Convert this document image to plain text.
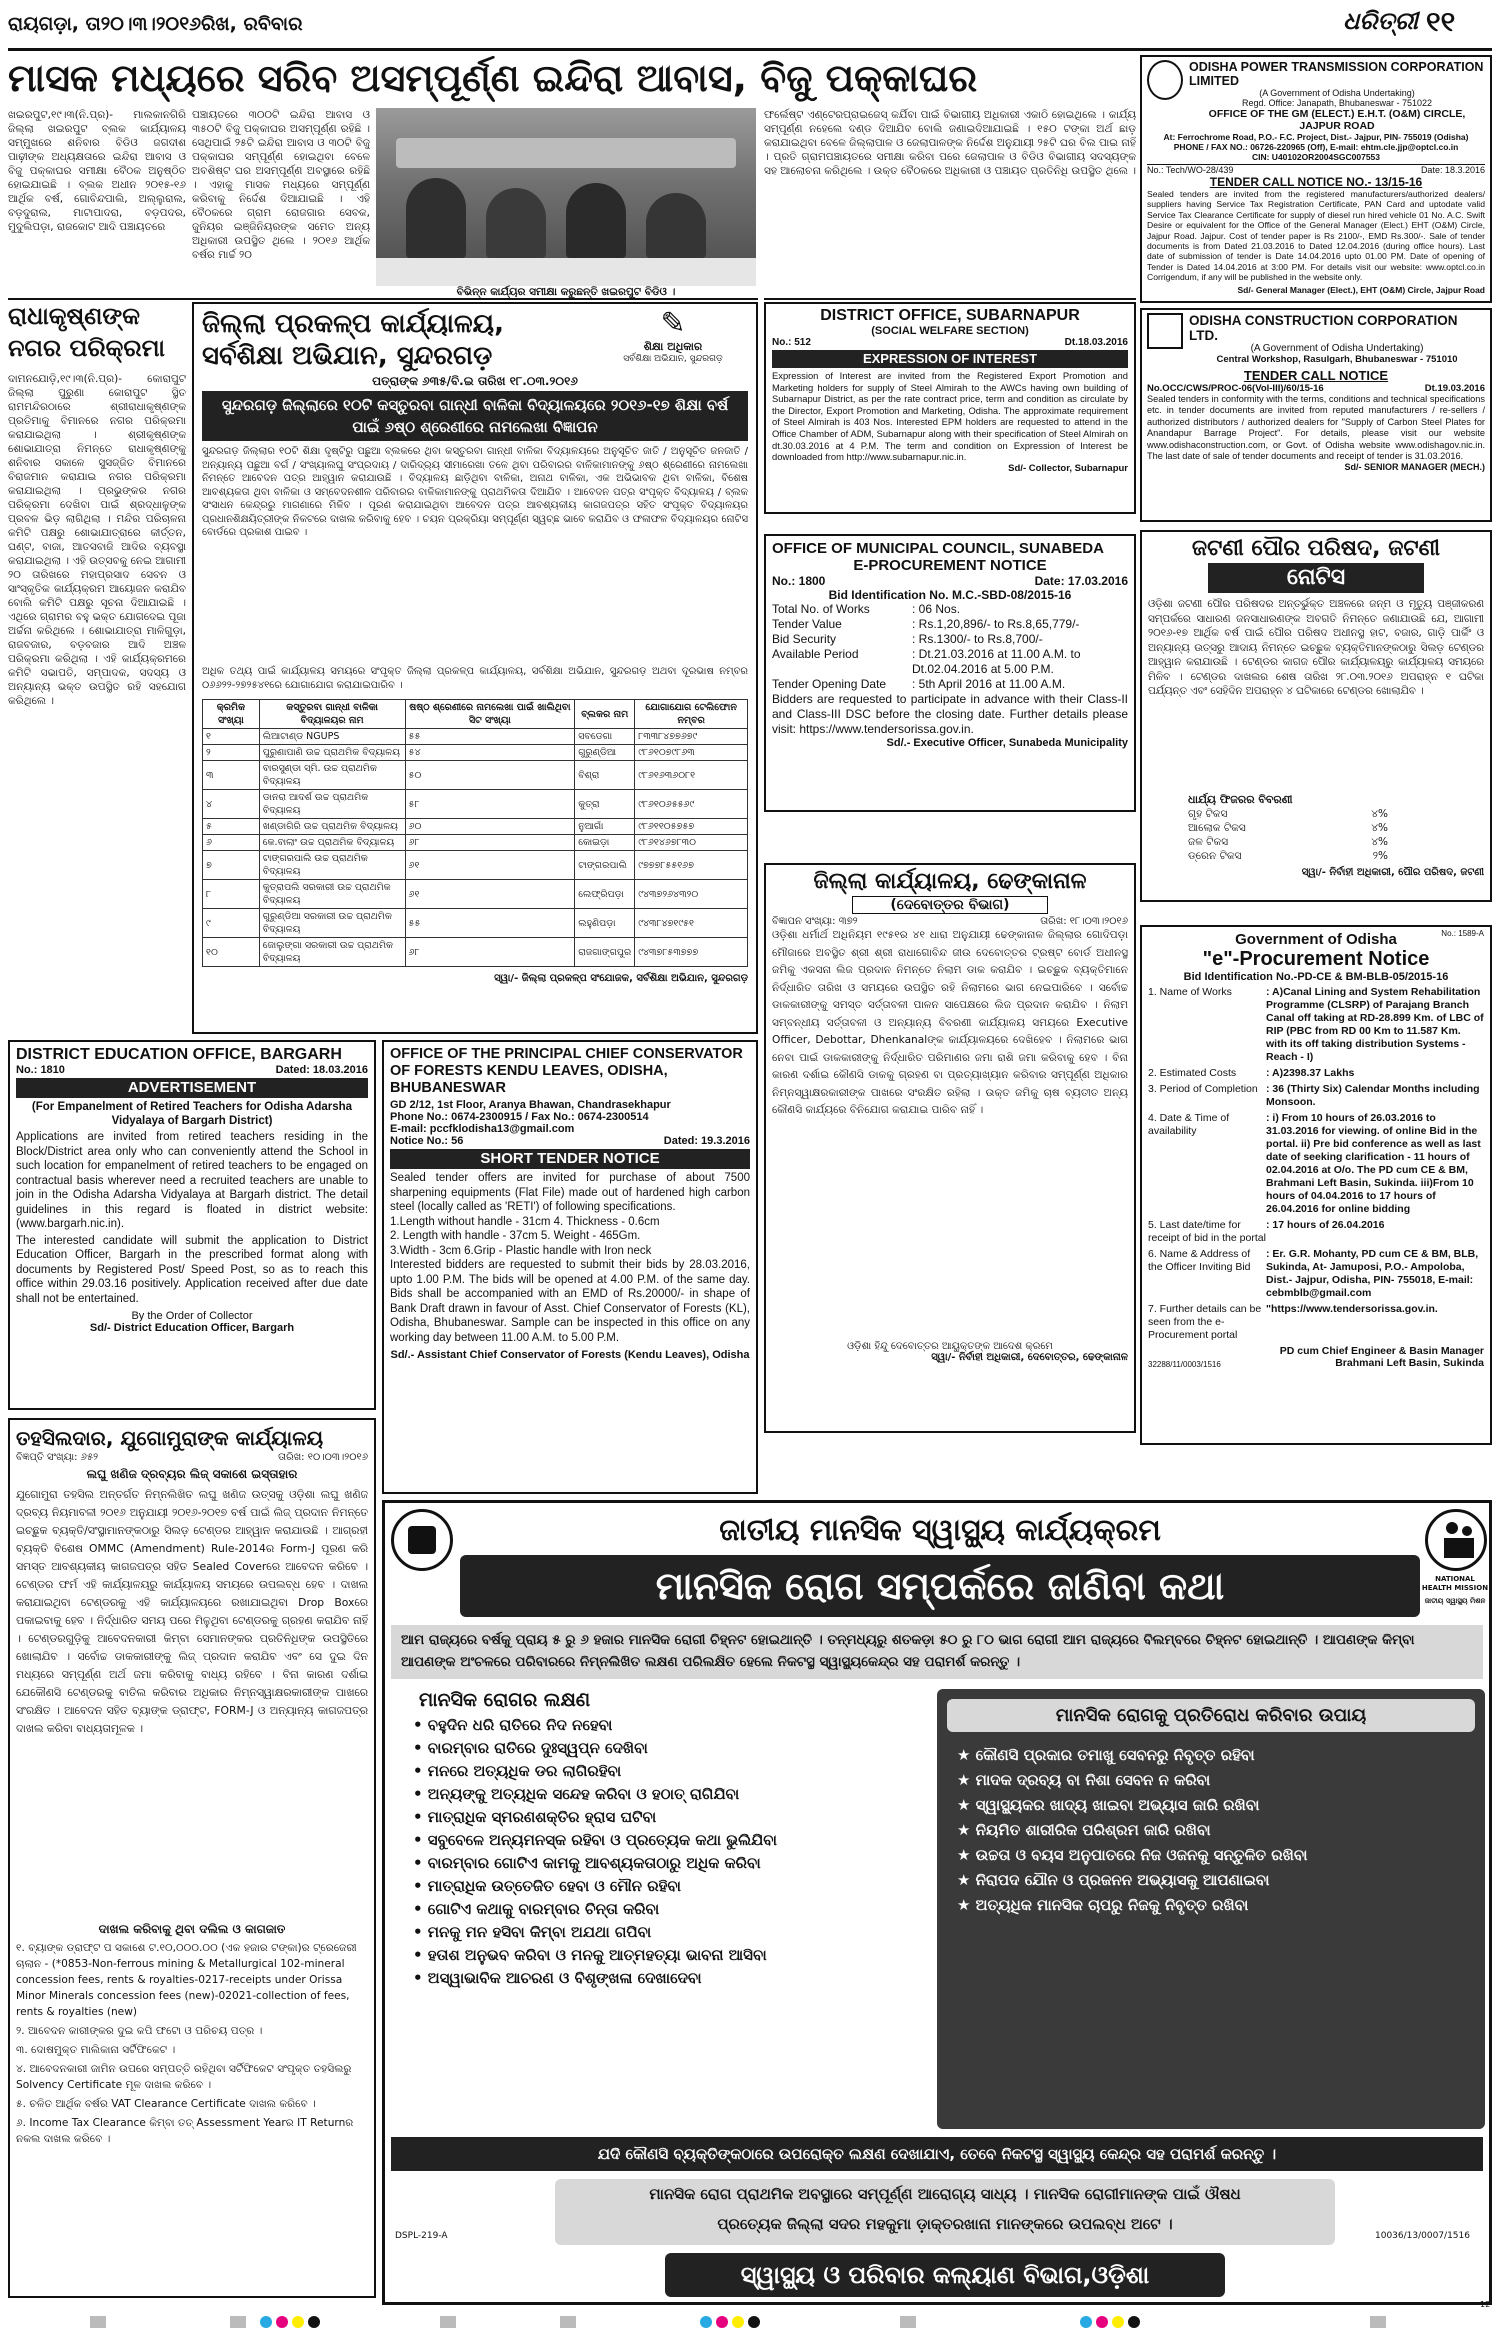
ରାୟଗଡ଼ା, ତା୨୦।୩।୨୦୧୬ରିଖ, ରବିବାର	ଧରିତ୍ରୀ ୧୧
ମାସକ ମଧ୍ୟରେ ସରିବ ଅସମ୍ପୂର୍ଣ୍ଣ ଇନ୍ଦିରା ଆବାସ, ବିଜୁ ପକ୍କାଘର
ଖଇରପୁଟ,୧୯।୩(ନି.ପ୍ର)- ମାଲକାନଗିରି ଜିଲ୍ଲା ଖଇରପୁଟ ବ୍ଲକ କାର୍ଯ୍ୟାଳୟ ସମ୍ମୁଖରେ ଶନିବାର ବିଡିଓ ଜଗଦୀଶ ପାଢ଼ୀଙ୍କ ଅଧ୍ୟକ୍ଷତାରେ ଇନ୍ଦିରା ଆବାସ ଓ ବିଜୁ ପକ୍କାଘର ସମୀକ୍ଷା ବୈଠକ ଅନୁଷ୍ଠିତ ହୋଇଯାଇଛି । ବ୍ଲକ ଅଧୀନ ୨୦୧୫-୧୬ ଆର୍ଥିକ ବର୍ଷ, ଗୋବିନ୍ଦପାଲି, ଅଲ୍ଲୁରାଲ, ବଡ଼ଦୁରାଲ, ମାଟାପାଦରା, ବଡ଼ପଦର, ମୁଦୁଲିପଡ଼ା, ରାଜକୋଟ ଆଦି ପଞ୍ଚାୟତରେ
ପଞ୍ଚାୟତରେ ୩୦୦ଟି ଇନ୍ଦିରା ଆବାସ ଓ ୩୫୦ଟି ବିଜୁ ପକ୍କାଘର ଅସମ୍ପୂର୍ଣ୍ଣ ରହିଛି । ସେଥିପାଇଁ ୨୫ଟି ଇନ୍ଦିରା ଆବାସ ଓ ୩୦ଟି ବିଜୁ ପକ୍କାଘର ସମ୍ପୂର୍ଣ୍ଣ ହୋଇଥିବା ବେଳେ ଅବଶିଷ୍ଟ ଘର ଅସମ୍ପୂର୍ଣ୍ଣ ଅବସ୍ଥାରେ ରହିଛି । ଏହାକୁ ମାସକ ମଧ୍ୟରେ ସମ୍ପୂର୍ଣ୍ଣ କରିବାକୁ ନିର୍ଦ୍ଦେଶ ଦିଆଯାଇଛି । ଏହି ବୈଠକରେ ଗ୍ରାମ ରୋଜଗାର ସେବକ, ଜୁନିୟର ଇଞ୍ଜିନିୟରଙ୍କ ସମେତ ଅନ୍ୟ ଅଧିକାରୀ ଉପସ୍ଥିତ ଥିଲେ । ୨୦୧୬ ଆର୍ଥିକ ବର୍ଷର ମାର୍ଚ୍ଚ ୨୦
ବିଭିନ୍ନ କାର୍ଯ୍ୟର ସମୀକ୍ଷା କରୁଛନ୍ତି ଖଇରପୁଟ ବିଡିଓ ।
ଫର୍ଲେଷ୍ଟ ଏଣ୍ଟେରପ୍ରାଇଜେସ୍ କର୍ଯିବା ପାଇଁ ବିଭାଗୀୟ ଅଧିକାରୀ ଏକାଠି ହୋଇଥିଲେ । କାର୍ଯ୍ୟ ସମ୍ପୂର୍ଣ୍ଣ ନହେଲେ ଦଣ୍ଡ ଦିଆଯିବ ବୋଲି ଜଣାଇଦିଆଯାଇଛି । ୧୫୦ ଟଙ୍କା ଅର୍ଥ ଛାଡ଼ କରାଯାଇଥିବା ବେଳେ ଜିଲ୍ଲାପାଳ ଓ ଜେଲାପାଳଙ୍କ ନିର୍ଦ୍ଦେଶ ଅନୁଯାୟୀ ୨୫ଟି ଘର ବିଲ ପାଇ ନାହିଁ । ପ୍ରତି ଗ୍ରାମପଞ୍ଚାୟତରେ ସମୀକ୍ଷା କରିବା ପରେ ଜେଲାପାଳ ଓ ବିଡିଓ ବିଭାଗୀୟ ସଦସ୍ୟଙ୍କ ସହ ଆଲୋଚନା କରିଥିଲେ । ଉକ୍ତ ବୈଠକରେ ଅଧିକାରୀ ଓ ପଞ୍ଚାୟତ ପ୍ରତିନିଧି ଉପସ୍ଥିତ ଥିଲେ ।
ODISHA POWER TRANSMISSION CORPORATION LIMITED
(A Government of Odisha Undertaking)
Regd. Office: Janapath, Bhubaneswar - 751022
OFFICE OF THE GM (ELECT.) E.H.T. (O&M) CIRCLE, JAJPUR ROAD
At: Ferrochrome Road, P.O.- F.C. Project, Dist.- Jajpur, PIN- 755019 (Odisha)
PHONE / FAX NO.: 06726-220965 (Off), E-mail: ehtm.cle.jjp@optcl.co.in
CIN: U40102OR2004SGC007553
No.: Tech/WO-28/439	Date: 18.3.2016
TENDER CALL NOTICE NO.- 13/15-16
Sealed tenders are invited from the registered manufacturers/authorized dealers/ suppliers having Service Tax Registration Certificate, PAN Card and uptodate valid Service Tax Clearance Certificate for supply of diesel run hired vehicle 01 No. A.C. Swift Desire or equivalent for the Office of the General Manager (Elect.) EHT (O&M) Circle, Jajpur Road. Jajpur. Cost of tender paper is Rs 2100/-, EMD Rs.300/-. Sale of tender documents is from Dated 21.03.2016 to Dated 12.04.2016 (during office hours). Last date of submission of tender is Date 14.04.2016 upto 01.00 PM. Date of opening of Tender is Dated 14.04.2016 at 3:00 PM. For details visit our website: www.optcl.co.in Corrigendum, if any will be published in the website only.
Sd/- General Manager (Elect.), EHT (O&M) Circle, Jajpur Road
ରାଧାକୃଷ୍ଣଙ୍କ ନଗର ପରିକ୍ରମା
ଦାମନଯୋଡ଼ି,୧୯।୩(ନି.ପ୍ର)- କୋରାପୁଟ ଜିଲ୍ଲା ପୁରୁଣା କୋରାପୁଟ ସ୍ଥିତ ରାମମନ୍ଦିରଠାରେ ଶ୍ରୀରାଧାକୃଷ୍ଣଙ୍କ ପ୍ରତିମାକୁ ବିମାନରେ ନଗର ପରିକ୍ରମା କରାଯାଇଥିଲା । ଶ୍ରୀକୃଷ୍ଣଙ୍କ ଶୋଭାଯାତ୍ରା ନିମନ୍ତେ ରାଧାକୃଷ୍ଣଙ୍କୁ ଶନିବାର ସକାଳେ ସୁସଜ୍ଜିତ ବିମାନରେ ବିରାଜମାନ କରାଯାଇ ନଗର ପରିକ୍ରମା କରାଯାଇଥିଲା । ପ୍ରଭୁଙ୍କର ନଗର ପରିକ୍ରମା ଦେଖିବା ପାଇଁ ଶ୍ରଦ୍ଧାଳୁଙ୍କ ପ୍ରବଳ ଭିଡ଼ ଲାଗିଥିଲା । ମନ୍ଦିର ପରିଚାଳନା କମିଟି ପକ୍ଷରୁ ଶୋଭାଯାତ୍ରାରେ କୀର୍ତ୍ତନ, ଘଣ୍ଟ, ବାଜା, ଆତସବାଜି ଆଦିର ବ୍ୟବସ୍ଥା କରାଯାଇଥିଲା । ଏହି ଉତ୍ସବକୁ ନେଇ ଆଗାମୀ ୨୦ ତାରିଖରେ ମହାପ୍ରସାଦ ସେବନ ଓ ସାଂସ୍କୃତିକ କାର୍ଯ୍ୟକ୍ରମ ଆୟୋଜନ କରାଯିବ ବୋଲି କମିଟି ପକ୍ଷରୁ ସୂଚନା ଦିଆଯାଇଛି । ଏଥିରେ ଗ୍ରାମର ବହୁ ଭକ୍ତ ଯୋଗଦେଇ ପୂଜା ଅର୍ଚ୍ଚନା କରିଥିଲେ । ଶୋଭାଯାତ୍ରା ମାଳିଗୁଡ଼ା, ରାଜବଜାର, ବଡ଼ବଜାର ଆଦି ଅଞ୍ଚଳ ପରିକ୍ରମା କରିଥିଲା । ଏହି କାର୍ଯ୍ୟକ୍ରମରେ କମିଟି ସଭାପତି, ସମ୍ପାଦକ, ସଦସ୍ୟ ଓ ଅନ୍ୟାନ୍ୟ ଭକ୍ତ ଉପସ୍ଥିତ ରହି ସହଯୋଗ କରିଥିଲେ ।
ଜିଲ୍ଲା ପ୍ରକଳ୍ପ କାର୍ଯ୍ୟାଳୟ,
ସର୍ବଶିକ୍ଷା ଅଭିଯାନ, ସୁନ୍ଦରଗଡ଼
✎
ଶିକ୍ଷା ଅଧିକାର
ସର୍ବଶିକ୍ଷା ଅଭିଯାନ, ସୁନ୍ଦରଗଡ଼
ପତ୍ରାଙ୍କ ୬୩୫/ବି.ଇ ତାରିଖ ୧୮.୦୩.୨୦୧୬
ସୁନ୍ଦରଗଡ଼ ଜିଲ୍ଲାରେ ୧୦ଟି କସ୍ତୁରବା ଗାନ୍ଧୀ ବାଳିକା ବିଦ୍ୟାଳୟରେ ୨୦୧୬-୧୭ ଶିକ୍ଷା ବର୍ଷ ପାଇଁ ୬ଷ୍ଠ ଶ୍ରେଣୀରେ ନାମଲେଖା ବିଜ୍ଞାପନ
ସୁନ୍ଦରଗଡ଼ ଜିଲ୍ଲାର ୧୦ଟି ଶିକ୍ଷା ଦୃଷ୍ଟିରୁ ପଛୁଆ ବ୍ଲକରେ ଥିବା କସ୍ତୁରବା ଗାନ୍ଧୀ ବାଳିକା ବିଦ୍ୟାଳୟରେ ଅନୁସୂଚିତ ଜାତି / ଅନୁସୂଚିତ ଜନଜାତି / ଅନ୍ୟାନ୍ୟ ପଛୁଆ ବର୍ଗ / ସଂଖ୍ୟାଲଘୁ ସଂପ୍ରଦାୟ / ଦାରିଦ୍ର୍ୟ ସୀମାରେଖା ତଳେ ଥିବା ପରିବାରର ବାଳିକାମାନଙ୍କୁ ୬ଷ୍ଠ ଶ୍ରେଣୀରେ ନାମଲେଖା ନିମନ୍ତେ ଆବେଦନ ପତ୍ର ଆହ୍ୱାନ କରାଯାଉଛି । ବିଦ୍ୟାଳୟ ଛାଡ଼ିଥିବା ବାଳିକା, ଅନାଥ ବାଳିକା, ଏକ ଅଭିଭାବକ ଥିବା ବାଳିକା, ବିଶେଷ ଆବଶ୍ୟକତା ଥିବା ବାଳିକା ଓ ସମ୍ବେଦନଶୀଳ ପରିବାରର ବାଳିକାମାନଙ୍କୁ ପ୍ରାଥମିକତା ଦିଆଯିବ । ଆବେଦନ ପତ୍ର ସଂପୃକ୍ତ ବିଦ୍ୟାଳୟ / ବ୍ଲକ ସଂସାଧନ କେନ୍ଦ୍ରରୁ ମାଗଣାରେ ମିଳିବ । ପୂରଣ କରାଯାଇଥିବା ଆବେଦନ ପତ୍ର ଆବଶ୍ୟକୀୟ କାଗଜପତ୍ର ସହିତ ସଂପୃକ୍ତ ବିଦ୍ୟାଳୟର ପ୍ରଧାନଶିକ୍ଷୟିତ୍ରୀଙ୍କ ନିକଟରେ ଦାଖଲ କରିବାକୁ ହେବ । ଚୟନ ପ୍ରକ୍ରିୟା ସମ୍ପୂର୍ଣ୍ଣ ସ୍ୱଚ୍ଛ ଭାବେ କରାଯିବ ଓ ଫଳାଫଳ ବିଦ୍ୟାଳୟର ନୋଟିସ ବୋର୍ଡରେ ପ୍ରକାଶ ପାଇବ ।
ଅଧିକ ତଥ୍ୟ ପାଇଁ କାର୍ଯ୍ୟାଳୟ ସମୟରେ ସଂପୃକ୍ତ ଜିଲ୍ଲା ପ୍ରକଳ୍ପ କାର୍ଯ୍ୟାଳୟ, ସର୍ବଶିକ୍ଷା ଅଭିଯାନ, ସୁନ୍ଦରଗଡ଼ ଅଥବା ଦୂରଭାଷ ନମ୍ବର ୦୬୬୨୨-୨୭୨୫୪୧ରେ ଯୋଗାଯୋଗ କରାଯାଇପାରିବ ।
କ୍ରମିକ ସଂଖ୍ୟା	କସ୍ତୁରବା ଗାନ୍ଧୀ ବାଳିକା ବିଦ୍ୟାଳୟର ନାମ	ଷଷ୍ଠ ଶ୍ରେଣୀରେ ନାମଲେଖା ପାଇଁ ଖାଲିଥିବା ସିଟ ସଂଖ୍ୟା	ବ୍ଲକର ନାମ	ଯୋଗାଯୋଗ ଟେଲିଫୋନ ନମ୍ବର
୧	ଲିଆଟାଣ୍ଡ NGUPS	୫୫	ସବଡେଗା	୮୩୩୮୪୭୭୬୭୯
୨	ପୁରୁଣାପାଣି ଉଚ୍ଚ ପ୍ରାଥମିକ ବିଦ୍ୟାଳୟ	୫୪	ଗୁରୁଣ୍ଡିଆ	୯୮୬୧୦୭୯୮୬୩
୩	ବାରସୁଣ୍ଡା ସ୍ମି. ଉଚ୍ଚ ପ୍ରାଥମିକ ବିଦ୍ୟାଳୟ	୫୦	ବିଶ୍ରା	୯୮୬୧୬୩୬୦୮୧
୪	ଡାନରା ଆଦର୍ଶ ଉଚ୍ଚ ପ୍ରାଥମିକ ବିଦ୍ୟାଳୟ	୫୮	କୁତ୍ରା	୯୮୬୧୦୬୫୫୬୯
୫	ଖଣ୍ଡାଗିରି ଉଚ୍ଚ ପ୍ରାଥମିକ ବିଦ୍ୟାଳୟ	୬୦	ନୁଆଗାଁ	୯୮୬୧୧୦୫୭୫୭
୬	କେ.ବାଲାଂ ଉଚ୍ଚ ପ୍ରାଥମିକ ବିଦ୍ୟାଳୟ	୬୮	କୋଇଡ଼ା	୯୮୬୧୪୬୭୮୩୦
୭	ଟାଙ୍ଗରପାଲି ଉଚ୍ଚ ପ୍ରାଥମିକ ବିଦ୍ୟାଳୟ	୬୧	ଟାଙ୍ଗରପାଲି	୯୭୭୭୮୫୫୧୬୭
୮	କୁତ୍ରାପଲି ସରକାରୀ ଉଚ୍ଚ ପ୍ରାଥମିକ ବିଦ୍ୟାଳୟ	୬୧	ଲେଫ୍ରିପଡ଼ା	୯୪୩୭୨୬୪୩୨୦
୯	ଗୁରୁଣ୍ଡିଆ ସରକାରୀ ଉଚ୍ଚ ପ୍ରାଥମିକ ବିଦ୍ୟାଳୟ	୫୫	ଲହୁଣିପଡ଼ା	୯୪୩୮୪୭୧୯୫୧
୧୦	ଜୋଲୁଙ୍ଗା ସରକାରୀ ଉଚ୍ଚ ପ୍ରାଥମିକ ବିଦ୍ୟାଳୟ	୬୮	ରାଜଗାଙ୍ଗପୁର	୯୪୩୭୮୫୩୭୭୭
ସ୍ୱା/- ଜିଲ୍ଲା ପ୍ରକଳ୍ପ ସଂଯୋଜକ, ସର୍ବଶିକ୍ଷା ଅଭିଯାନ, ସୁନ୍ଦରଗଡ଼
DISTRICT OFFICE, SUBARNAPUR
(SOCIAL WELFARE SECTION)
No.: 512	Dt.18.03.2016
EXPRESSION OF INTEREST
Expression of Interest are invited from the Registered Export Promotion and Marketing holders for supply of Steel Almirah to the AWCs having own building of Subarnapur District, as per the rate contract price, term and condition as circulate by the Director, Export Promotion and Marketing, Odisha. The approximate requirement of Steel Almirah is 403 Nos. Interested EPM holders are requested to attend in the Office Chamber of ADM, Subarnapur along with their specification of Steel Almirah on dt.30.03.2016 at 4 P.M. The term and condition on Expression of Interest be downloaded from http://www.subarnapur.nic.in.
Sd/- Collector, Subarnapur
ODISHA CONSTRUCTION CORPORATION LTD.
(A Government of Odisha Undertaking)
Central Workshop, Rasulgarh, Bhubaneswar - 751010
TENDER CALL NOTICE
No.OCC/CWS/PROC-06(Vol-III)/60/15-16	Dt.19.03.2016
Sealed tenders in conformity with the terms, conditions and technical specifications etc. in tender documents are invited from reputed manufacturers / re-sellers / authorized distributors / authorized dealers for "Supply of Carbon Steel Plates for Anandapur Barrage Project". For details, please visit our website www.odishaconstruction.com, or Govt. of Odisha website www.odishagov.nic.in. The last date of sale of tender documents and receipt of tender is 31.03.2016.
Sd/- SENIOR MANAGER (MECH.)
OFFICE OF MUNICIPAL COUNCIL, SUNABEDA
E-PROCUREMENT NOTICE
No.: 1800	Date: 17.03.2016
Bid Identification No. M.C.-SBD-08/2015-16
Total No. of Works	: 06 Nos.
Tender Value	: Rs.1,20,896/- to Rs.8,65,779/-
Bid Security	: Rs.1300/- to Rs.8,700/-
Available Period	: Dt.21.03.2016 at 11.00 A.M. to
Dt.02.04.2016 at 5.00 P.M.
Tender Opening Date	: 5th April 2016 at 11.00 A.M.
Bidders are requested to participate in advance with their Class-II and Class-III DSC before the closing date. Further details please visit: https://www.tendersorissa.gov.in.
Sd/.- Executive Officer, Sunabeda Municipality
ଜଟଣୀ ପୌର ପରିଷଦ, ଜଟଣୀ
ନୋଟିସ
ଓଡ଼ିଶା ଜଟଣୀ ପୌର ପରିଷଦର ଅନ୍ତର୍ଭୁକ୍ତ ଅଞ୍ଚଳରେ ଜନ୍ମ ଓ ମୃତ୍ୟୁ ପଞ୍ଜୀକରଣ ସମ୍ପର୍କରେ ସାଧାରଣ ଜନସାଧାରଣଙ୍କ ଅବଗତି ନିମନ୍ତେ ଜଣାଯାଉଛି ଯେ, ଆଗାମୀ ୨୦୧୬-୧୭ ଆର୍ଥିକ ବର୍ଷ ପାଇଁ ପୌର ପରିଷଦ ଅଧୀନସ୍ଥ ହାଟ, ବଜାର, ଗାଡ଼ି ପାର୍କିଂ ଓ ଅନ୍ୟାନ୍ୟ ଉତ୍ସରୁ ଆଦାୟ ନିମନ୍ତେ ଇଚ୍ଛୁକ ବ୍ୟକ୍ତିମାନଙ୍କଠାରୁ ସିଲଡ଼ ଟେଣ୍ଡର ଆହ୍ୱାନ କରାଯାଉଛି । ଟେଣ୍ଡର କାଗଜ ପୌର କାର୍ଯ୍ୟାଳୟରୁ କାର୍ଯ୍ୟାଳୟ ସମୟରେ ମିଳିବ । ଟେଣ୍ଡର ଦାଖଲର ଶେଷ ତାରିଖ ୨୮.୦୩.୨୦୧୬ ଅପରାହ୍ନ ୧ ଘଟିକା ପର୍ଯ୍ୟନ୍ତ ଏବଂ ସେହିଦିନ ଅପରାହ୍ନ ୪ ଘଟିକାରେ ଟେଣ୍ଡର ଖୋଲାଯିବ ।
ଧାର୍ଯ୍ୟ ଫିଜରର ବିବରଣୀ
ଗୃହ ଟିକସ	୪%
ଆଲୋକ ଟିକସ	୪%
ଜଳ ଟିକସ	୪%
ଡ୍ରେନ ଟିକସ	୨%
ସ୍ୱା/- ନିର୍ବାହୀ ଅଧିକାରୀ, ପୌର ପରିଷଦ, ଜଟଣୀ
ଜିଲ୍ଲା କାର୍ଯ୍ୟାଳୟ, ଢେଙ୍କାନାଳ
(ଦେବୋତ୍ତର ବିଭାଗ)
ବିଜ୍ଞାପନ ସଂଖ୍ୟା: ୩୭୨	ତାରିଖ: ୧୮।୦୩।୨୦୧୬
ଓଡ଼ିଶା ଧର୍ମାର୍ଥ ଅଧିନିୟମ ୧୯୫୧ର ୪୧ ଧାରା ଅନୁଯାୟୀ ଢେଙ୍କାନାଳ ଜିଲ୍ଲାର ଗୋଦିପଡ଼ା ମୌଜାରେ ଅବସ୍ଥିତ ଶ୍ରୀ ଶ୍ରୀ ରାଧାଗୋବିନ୍ଦ ଜୀଉ ଦେବୋତ୍ତର ଟ୍ରଷ୍ଟ ବୋର୍ଡ ଅଧୀନସ୍ଥ ଜମିକୁ ଏକସନା ଲିଜ ପ୍ରଦାନ ନିମନ୍ତେ ନିଲାମ ଡାକ କରାଯିବ । ଇଚ୍ଛୁକ ବ୍ୟକ୍ତିମାନେ ନିର୍ଦ୍ଧାରିତ ତାରିଖ ଓ ସମୟରେ ଉପସ୍ଥିତ ରହି ନିଲାମରେ ଭାଗ ନେଇପାରିବେ । ସର୍ବୋଚ୍ଚ ଡାକକାରୀଙ୍କୁ ସମସ୍ତ ସର୍ତ୍ତାବଳୀ ପାଳନ ସାପେକ୍ଷରେ ଲିଜ ପ୍ରଦାନ କରାଯିବ । ନିଲାମ ସମ୍ବନ୍ଧୀୟ ସର୍ତ୍ତାବଳୀ ଓ ଅନ୍ୟାନ୍ୟ ବିବରଣୀ କାର୍ଯ୍ୟାଳୟ ସମୟରେ Executive Officer, Debottar, Dhenkanalଙ୍କ କାର୍ଯ୍ୟାଳୟରେ ଦେଖିହେବ । ନିଲାମରେ ଭାଗ ନେବା ପାଇଁ ଡାକକାରୀଙ୍କୁ ନିର୍ଦ୍ଧାରିତ ପରିମାଣର ଜମା ରାଶି ଜମା କରିବାକୁ ହେବ । ବିନା କାରଣ ଦର୍ଶାଇ କୌଣସି ଡାକକୁ ଗ୍ରହଣ ବା ପ୍ରତ୍ୟାଖ୍ୟାନ କରିବାର ସମ୍ପୂର୍ଣ୍ଣ ଅଧିକାର ନିମ୍ନସ୍ୱାକ୍ଷରକାରୀଙ୍କ ପାଖରେ ସଂରକ୍ଷିତ ରହିଲା । ଉକ୍ତ ଜମିକୁ ଚାଷ ବ୍ୟତୀତ ଅନ୍ୟ କୌଣସି କାର୍ଯ୍ୟରେ ବିନିଯୋଗ କରାଯାଇ ପାରିବ ନାହିଁ ।
ଓଡ଼ିଶା ହିନ୍ଦୁ ଦେବୋତ୍ତର ଆୟୁକ୍ତଙ୍କ ଆଦେଶ କ୍ରମେ
ସ୍ୱା/- ନିର୍ବାହୀ ଅଧିକାରୀ, ଦେବୋତ୍ତର, ଢେଙ୍କାନାଳ
Government of Odisha	No.: 1589-A
"e"-Procurement Notice
Bid Identification No.-PD-CE & BM-BLB-05/2015-16
1. Name of Works	: A)Canal Lining and System Rehabilitation Programme (CLSRP) of Parajang Branch Canal off taking at RD-28.899 Km. of LBC of RIP (PBC from RD 00 Km to 11.587 Km. with its off taking distribution Systems - Reach - I)
2. Estimated Costs	: A)2398.37 Lakhs
3. Period of Completion : 36 (Thirty Six) Calendar Months including Monsoon.
4. Date & Time of availability
: i) From 10 hours of 26.03.2016 to 31.03.2016 for viewing. of online Bid in the portal. ii) Pre bid conference as well as last date of seeking clarification - 11 hours of 02.04.2016 at O/o. The PD cum CE & BM, Brahmani Left Basin, Sukinda. iii)From 10 hours of 04.04.2016 to 17 hours of 26.04.2016 for online bidding
5. Last date/time for receipt of bid in the portal
: 17 hours of 26.04.2016
6. Name & Address of the Officer Inviting Bid
: Er. G.R. Mohanty, PD cum CE & BM, BLB, Sukinda, At- Jamuposi, P.O.- Ampoloba, Dist.- Jajpur, Odisha, PIN- 755018, E-mail: cebmblb@gmail.com
7. Further details can be seen from the e-Procurement portal
"https://www.tendersorissa.gov.in.
32288/11/0003/1516
PD cum Chief Engineer & Basin Manager
Brahmani Left Basin, Sukinda
DISTRICT EDUCATION OFFICE, BARGARH
No.: 1810	Dated: 18.03.2016
ADVERTISEMENT
(For Empanelment of Retired Teachers for Odisha Adarsha Vidyalaya of Bargarh District)
Applications are invited from retired teachers residing in the Block/District area only who can conveniently attend the School in such location for empanelment of retired teachers to be engaged on contractual basis wherever need a recruited teachers are unable to join in the Odisha Adarsha Vidyalaya at Bargarh district. The detail guidelines in this regard is floated in district website: (www.bargarh.nic.in).
The interested candidate will submit the application to District Education Officer, Bargarh in the prescribed format along with documents by Registered Post/ Speed Post, so as to reach this office within 29.03.16 positively. Application received after due date shall not be entertained.
By the Order of Collector
Sd/- District Education Officer, Bargarh
OFFICE OF THE PRINCIPAL CHIEF CONSERVATOR OF FORESTS KENDU LEAVES, ODISHA, BHUBANESWAR
GD 2/12, 1st Floor, Aranya Bhawan, Chandrasekhapur
Phone No.: 0674-2300915 / Fax No.: 0674-2300514
E-mail: pccfklodisha13@gmail.com
Notice No.: 56	Dated: 19.3.2016
SHORT TENDER NOTICE
Sealed tender offers are invited for purchase of about 7500 sharpening equipments (Flat File) made out of hardened high carbon steel (locally called as 'RETI') of following specifications.
1.Length without handle - 31cm 4. Thickness - 0.6cm
2. Length with handle - 37cm 5. Weight - 465Gm.
3.Width - 3cm 6.Grip - Plastic handle with Iron neck
Interested bidders are requested to submit their bids by 28.03.2016, upto 1.00 P.M. The bids will be opened at 4.00 P.M. of the same day. Bids shall be accompanied with an EMD of Rs.20000/- in shape of Bank Draft drawn in favour of Asst. Chief Conservator of Forests (KL), Odisha, Bhubaneswar. Sample can be inspected in this office on any working day between 11.00 A.M. to 5.00 P.M.
Sd/.- Assistant Chief Conservator of Forests (Kendu Leaves), Odisha
ତହସିଲଦାର, ଯୁଗୋମୁରାଙ୍କ କାର୍ଯ୍ୟାଳୟ
ବିଜ୍ଞପ୍ତି ସଂଖ୍ୟା: ୬୫୨	ତାରିଖ: ୧୦।୦୩।୨୦୧୬
ଲଘୁ ଖଣିଜ ଦ୍ରବ୍ୟର ଲିଜ୍ ସକାଶେ ଇସ୍ତାହାର
ଯୁଗୋମୁରା ତହସିଲ ଅନ୍ତର୍ଗତ ନିମ୍ନଲିଖିତ ଲଘୁ ଖଣିଜ ଉତ୍ସକୁ ଓଡ଼ିଶା ଲଘୁ ଖଣିଜ ଦ୍ରବ୍ୟ ନିୟମାବଳୀ ୨୦୧୬ ଅନୁଯାୟୀ ୨୦୧୬-୨୦୧୭ ବର୍ଷ ପାଇଁ ଲିଜ୍ ପ୍ରଦାନ ନିମନ୍ତେ ଇଚ୍ଛୁକ ବ୍ୟକ୍ତି/ସଂସ୍ଥାମାନଙ୍କଠାରୁ ସିଲଡ଼ ଟେଣ୍ଡର ଆହ୍ୱାନ କରାଯାଉଛି । ଆଗ୍ରହୀ ବ୍ୟକ୍ତି ବିଶେଷ OMMC (Amendment) Rule-2014ର Form-J ପୂରଣ କରି ସମସ୍ତ ଆବଶ୍ୟକୀୟ କାଗଜପତ୍ର ସହିତ Sealed Coverରେ ଆବେଦନ କରିବେ । ଟେଣ୍ଡର ଫର୍ମ ଏହି କାର୍ଯ୍ୟାଳୟରୁ କାର୍ଯ୍ୟାଳୟ ସମୟରେ ଉପଲବ୍ଧ ହେବ । ଦାଖଲ କରାଯାଇଥିବା ଟେଣ୍ଡରକୁ ଏହି କାର୍ଯ୍ୟାଳୟରେ ରଖାଯାଇଥିବା Drop Boxରେ ପକାଇବାକୁ ହେବ । ନିର୍ଦ୍ଧାରିତ ସମୟ ପରେ ମିଳୁଥିବା ଟେଣ୍ଡରକୁ ଗ୍ରହଣ କରାଯିବ ନାହିଁ । ଟେଣ୍ଡରଗୁଡ଼ିକୁ ଆବେଦନକାରୀ କିମ୍ବା ସେମାନଙ୍କର ପ୍ରତିନିଧିଙ୍କ ଉପସ୍ଥିତିରେ ଖୋଲାଯିବ । ସର୍ବୋଚ୍ଚ ଡାକକାରୀଙ୍କୁ ଲିଜ୍ ପ୍ରଦାନ କରାଯିବ ଏବଂ ସେ ଦୁଇ ଦିନ ମଧ୍ୟରେ ସମ୍ପୂର୍ଣ୍ଣ ଅର୍ଥ ଜମା କରିବାକୁ ବାଧ୍ୟ ରହିବେ । ବିନା କାରଣ ଦର୍ଶାଇ ଯେକୌଣସି ଟେଣ୍ଡରକୁ ବାତିଲ କରିବାର ଅଧିକାର ନିମ୍ନସ୍ୱାକ୍ଷରକାରୀଙ୍କ ପାଖରେ ସଂରକ୍ଷିତ । ଆବେଦନ ସହିତ ବ୍ୟାଙ୍କ ଡ୍ରାଫ୍ଟ, FORM-J ଓ ଅନ୍ୟାନ୍ୟ କାଗଜପତ୍ର ଦାଖଲ କରିବା ବାଧ୍ୟତାମୂଳକ ।
ଦାଖଲ କରିବାକୁ ଥିବା ଦଲିଲ ଓ କାଗଜାତ
୧. ବ୍ୟାଙ୍କ ଡ୍ରାଫ୍ଟ ପ ସକାଶେ ଟ.୧୦,୦୦୦.୦୦ (ଏକ ହଜାର ଟଙ୍କା)ର ଟ୍ରେଜେରୀ ଚାଲାନ - (*0853-Non-ferrous mining & Metallurgical 102-mineral concession fees, rents & royalties-0217-receipts under Orissa Minor Minerals concession fees (new)-02021-collection of fees, rents & royalties (new)
୨. ଆବେଦନ କାରୀଙ୍କର ଦୁଇ କପି ଫଟୋ ଓ ପରିଚୟ ପତ୍ର ।
୩. ଦୋଷମୁକ୍ତ ମାଲିକାନା ସର୍ଟିଫିକେଟ ।
୪. ଆବେଦନକାରୀ ଜାମିନ ଉପରେ ସମ୍ପତ୍ତି ରହିଥିବା ସର୍ଟିଫିକେଟ ସଂପୃକ୍ତ ତହସିଲରୁ Solvency Certificate ମୂଳ ଦାଖଲ କରିବେ ।
୫. ଚଳିତ ଆର୍ଥିକ ବର୍ଷର VAT Clearance Certificate ଦାଖଲ କରିବେ ।
୬. Income Tax Clearance କିମ୍ବା ତତ୍ Assessment Yearର IT Returnର ନକଲ ଦାଖଲ କରିବେ ।
ଜାତୀୟ ମାନସିକ ସ୍ୱାସ୍ଥ୍ୟ କାର୍ଯ୍ୟକ୍ରମ
ମାନସିକ ରୋଗ ସମ୍ପର୍କରେ ଜାଣିବା କଥା	NATIONAL HEALTH MISSION
ଜାତୀୟ ସ୍ୱାସ୍ଥ୍ୟ ମିଶନ
ଆମ ରାଜ୍ୟରେ ବର୍ଷକୁ ପ୍ରାୟ ୫ ରୁ ୬ ହଜାର ମାନସିକ ରୋଗୀ ଚିହ୍ନଟ ହୋଇଥାନ୍ତି । ତନ୍ମଧ୍ୟରୁ ଶତକଡ଼ା ୫୦ ରୁ ୮୦ ଭାଗ ରୋଗୀ ଆମ ରାଜ୍ୟରେ ବିଲମ୍ବରେ ଚିହ୍ନଟ ହୋଇଥାନ୍ତି । ଆପଣଙ୍କ କିମ୍ବା ଆପଣଙ୍କ ଅଂଚଳରେ ପରିବାରରେ ନିମ୍ନଲିଖିତ ଲକ୍ଷଣ ପରିଲକ୍ଷିତ ହେଲେ ନିକଟସ୍ଥ ସ୍ୱାସ୍ଥ୍ୟକେନ୍ଦ୍ର ସହ ପରାମର୍ଶ କରନ୍ତୁ ।
ମାନସିକ ରୋଗର ଲକ୍ଷଣ
• ବହୁଦିନ ଧରି ରାତିରେ ନିଦ ନହେବା
• ବାରମ୍ବାର ରାତିରେ ଦୁଃସ୍ୱପ୍ନ ଦେଖିବା
• ମନରେ ଅତ୍ୟଧିକ ଡର ଲାଗିରହିବା
• ଅନ୍ୟଙ୍କୁ ଅତ୍ୟଧିକ ସନ୍ଦେହ କରିବା ଓ ହଠାତ୍ ରାଗିଯିବା
• ମାତ୍ରାଧିକ ସ୍ମରଣଶକ୍ତିର ହ୍ରାସ ଘଟିବା
• ସବୁବେଳେ ଅନ୍ୟମନସ୍କ ରହିବା ଓ ପ୍ରତ୍ୟେକ କଥା ଭୁଲିଯିବା
• ବାରମ୍ବାର ଗୋଟିଏ କାମକୁ ଆବଶ୍ୟକତାଠାରୁ ଅଧିକ କରିବା
• ମାତ୍ରାଧିକ ଉତ୍ତେଜିତ ହେବା ଓ ମୌନ ରହିବା
• ଗୋଟିଏ କଥାକୁ ବାରମ୍ବାର ଚିନ୍ତା କରିବା
• ମନକୁ ମନ ହସିବା କିମ୍ବା ଅଯଥା ଗପିବା
• ହତାଶ ଅନୁଭବ କରିବା ଓ ମନକୁ ଆତ୍ମହତ୍ୟା ଭାବନା ଆସିବା
• ଅସ୍ୱାଭାବିକ ଆଚରଣ ଓ ବିଶୃଙ୍ଖଳା ଦେଖାଦେବା
ମାନସିକ ରୋଗକୁ ପ୍ରତିରୋଧ କରିବାର ଉପାୟ
★ କୌଣସି ପ୍ରକାର ତମାଖୁ ସେବନରୁ ନିବୃତ୍ତ ରହିବା
★ ମାଦକ ଦ୍ରବ୍ୟ ବା ନିଶା ସେବନ ନ କରିବା
★ ସ୍ୱାସ୍ଥ୍ୟକର ଖାଦ୍ୟ ଖାଇବା ଅଭ୍ୟାସ ଜାରି ରଖିବା
★ ନିୟମିତ ଶାରୀରିକ ପରିଶ୍ରମ ଜାରି ରଖିବା
★ ଉଚ୍ଚତା ଓ ବୟସ ଅନୁପାତରେ ନିଜ ଓଜନକୁ ସନ୍ତୁଳିତ ରଖିବା
★ ନିରାପଦ ଯୌନ ଓ ପ୍ରଜନନ ଅଭ୍ୟାସକୁ ଆପଣାଇବା
★ ଅତ୍ୟଧିକ ମାନସିକ ଚାପରୁ ନିଜକୁ ନିବୃତ୍ତ ରଖିବା
ଯଦି କୌଣସି ବ୍ୟକ୍ତିଙ୍କଠାରେ ଉପରୋକ୍ତ ଲକ୍ଷଣ ଦେଖାଯାଏ, ତେବେ ନିକଟସ୍ଥ ସ୍ୱାସ୍ଥ୍ୟ କେନ୍ଦ୍ର ସହ ପରାମର୍ଶ କରନ୍ତୁ ।
ମାନସିକ ରୋଗ ପ୍ରାଥମିକ ଅବସ୍ଥାରେ ସମ୍ପୂର୍ଣ୍ଣ ଆରୋଗ୍ୟ ସାଧ୍ୟ । ମାନସିକ ରୋଗୀମାନଙ୍କ ପାଇଁ ଔଷଧ
ପ୍ରତ୍ୟେକ ଜିଲ୍ଲା ସଦର ମହକୁମା ଡ଼ାକ୍ତରଖାନା ମାନଙ୍କରେ ଉପଲବ୍ଧ ଅଟେ ।
DSPL-219-A	10036/13/0007/1516
ସ୍ୱାସ୍ଥ୍ୟ ଓ ପରିବାର କଲ୍ୟାଣ ବିଭାଗ,ଓଡ଼ିଶା
12
